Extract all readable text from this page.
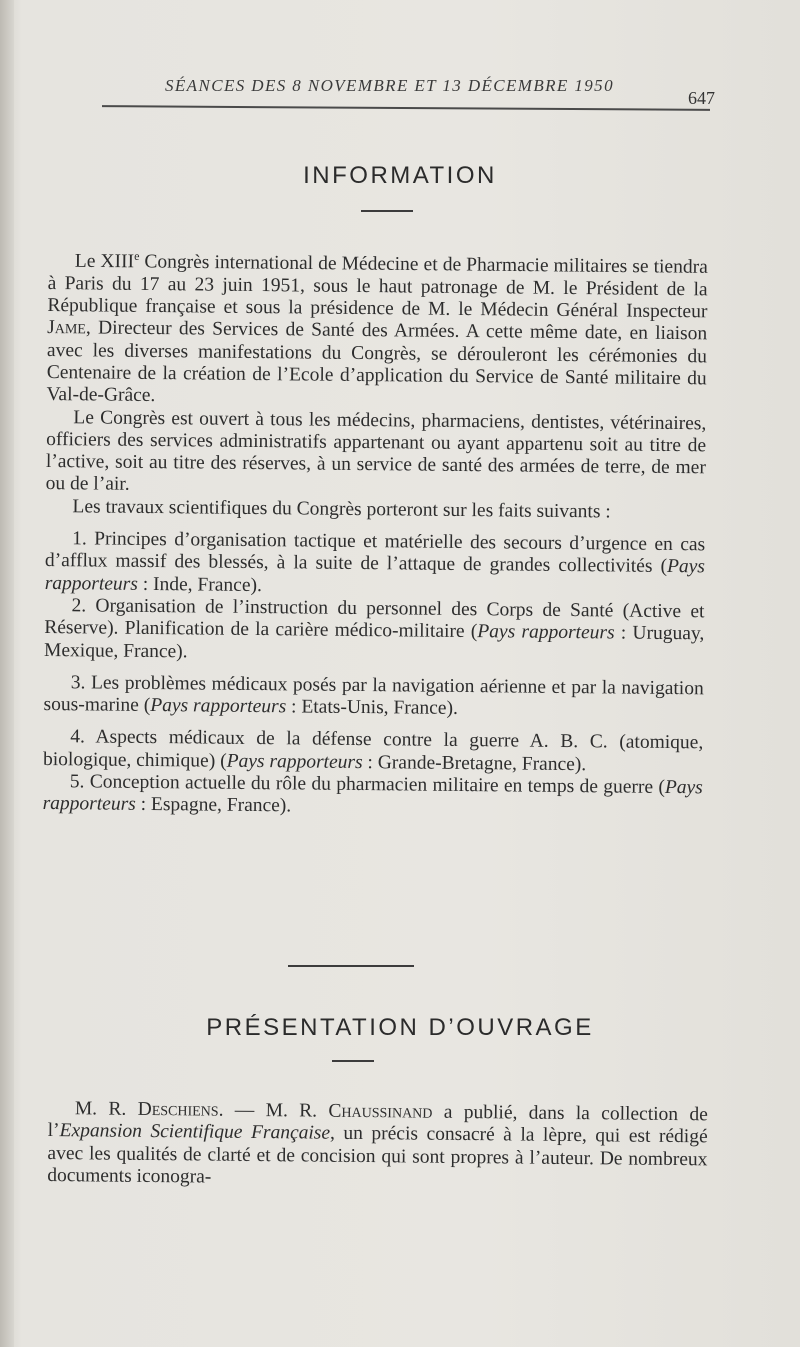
SÉANCES DES 8 NOVEMBRE ET 13 DÉCEMBRE 1950
647
INFORMATION

Le XIIIe Congrès international de Médecine et de Pharmacie militaires se tiendra à Paris du 17 au 23 juin 1951, sous le haut patronage de M. le Président de la République française et sous la présidence de M. le Médecin Général Inspecteur Jame, Directeur des Services de Santé des Armées. A cette même date, en liaison avec les diverses manifestations du Congrès, se dérouleront les cérémonies du Centenaire de la création de l’Ecole d’application du Service de Santé militaire du Val-de-Grâce.

Le Congrès est ouvert à tous les médecins, pharmaciens, dentistes, vétérinaires, officiers des services administratifs appartenant ou ayant appartenu soit au titre de l’active, soit au titre des réserves, à un service de santé des armées de terre, de mer ou de l’air.

Les travaux scientifiques du Congrès porteront sur les faits suivants :

1. Principes d’organisation tactique et matérielle des secours d’urgence en cas d’afflux massif des blessés, à la suite de l’attaque de grandes collectivités (Pays rapporteurs : Inde, France).

2. Organisation de l’instruction du personnel des Corps de Santé (Active et Réserve). Planification de la carière médico-militaire (Pays rapporteurs : Uruguay, Mexique, France).

3. Les problèmes médicaux posés par la navigation aérienne et par la navigation sous-marine (Pays rapporteurs : Etats-Unis, France).

4. Aspects médicaux de la défense contre la guerre A. B. C. (atomique, biologique, chimique) (Pays rapporteurs : Grande-Bretagne, France).

5. Conception actuelle du rôle du pharmacien militaire en temps de guerre (Pays rapporteurs : Espagne, France).

PRÉSENTATION D’OUVRAGE

M. R. Deschiens. — M. R. Chaussinand a publié, dans la collection de l’Expansion Scientifique Française, un précis consacré à la lèpre, qui est rédigé avec les qualités de clarté et de concision qui sont propres à l’auteur. De nombreux documents iconogra-
